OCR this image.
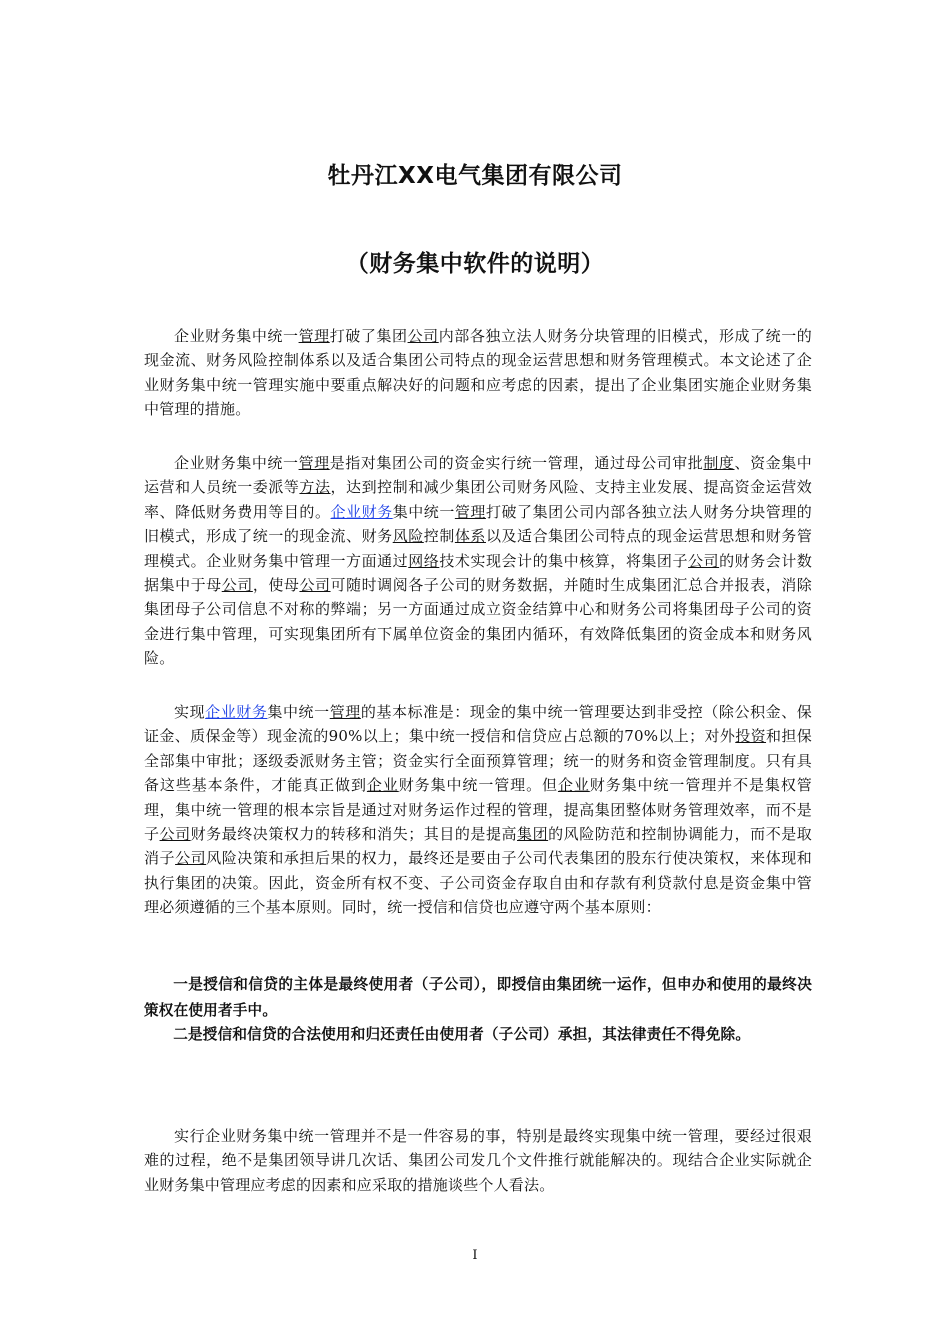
牡丹江XX电气集团有限公司
（财务集中软件的说明）

企业财务集中统一管理打破了集团公司内部各独立法人财务分块管理的旧模式，形成了统一的现金流、财务风险控制体系以及适合集团公司特点的现金运营思想和财务管理模式。本文论述了企业财务集中统一管理实施中要重点解决好的问题和应考虑的因素，提出了企业集团实施企业财务集中管理的措施。

企业财务集中统一管理是指对集团公司的资金实行统一管理，通过母公司审批制度、资金集中运营和人员统一委派等方法，达到控制和减少集团公司财务风险、支持主业发展、提高资金运营效率、降低财务费用等目的。企业财务集中统一管理打破了集团公司内部各独立法人财务分块管理的旧模式，形成了统一的现金流、财务风险控制体系以及适合集团公司特点的现金运营思想和财务管理模式。企业财务集中管理一方面通过网络技术实现会计的集中核算，将集团子公司的财务会计数据集中于母公司，使母公司可随时调阅各子公司的财务数据，并随时生成集团汇总合并报表，消除集团母子公司信息不对称的弊端；另一方面通过成立资金结算中心和财务公司将集团母子公司的资金进行集中管理，可实现集团所有下属单位资金的集团内循环，有效降低集团的资金成本和财务风险。

实现企业财务集中统一管理的基本标准是：现金的集中统一管理要达到非受控（除公积金、保证金、质保金等）现金流的90%以上；集中统一授信和信贷应占总额的70%以上；对外投资和担保全部集中审批；逐级委派财务主管；资金实行全面预算管理；统一的财务和资金管理制度。只有具备这些基本条件，才能真正做到企业财务集中统一管理。但企业财务集中统一管理并不是集权管理，集中统一管理的根本宗旨是通过对财务运作过程的管理，提高集团整体财务管理效率，而不是子公司财务最终决策权力的转移和消失；其目的是提高集团的风险防范和控制协调能力，而不是取消子公司风险决策和承担后果的权力，最终还是要由子公司代表集团的股东行使决策权，来体现和执行集团的决策。因此，资金所有权不变、子公司资金存取自由和存款有利贷款付息是资金集中管理必须遵循的三个基本原则。同时，统一授信和信贷也应遵守两个基本原则：

一是授信和信贷的主体是最终使用者（子公司），即授信由集团统一运作，但申办和使用的最终决策权在使用者手中。

二是授信和信贷的合法使用和归还责任由使用者（子公司）承担，其法律责任不得免除。

实行企业财务集中统一管理并不是一件容易的事，特别是最终实现集中统一管理，要经过很艰难的过程，绝不是集团领导讲几次话、集团公司发几个文件推行就能解决的。现结合企业实际就企业财务集中管理应考虑的因素和应采取的措施谈些个人看法。

I
